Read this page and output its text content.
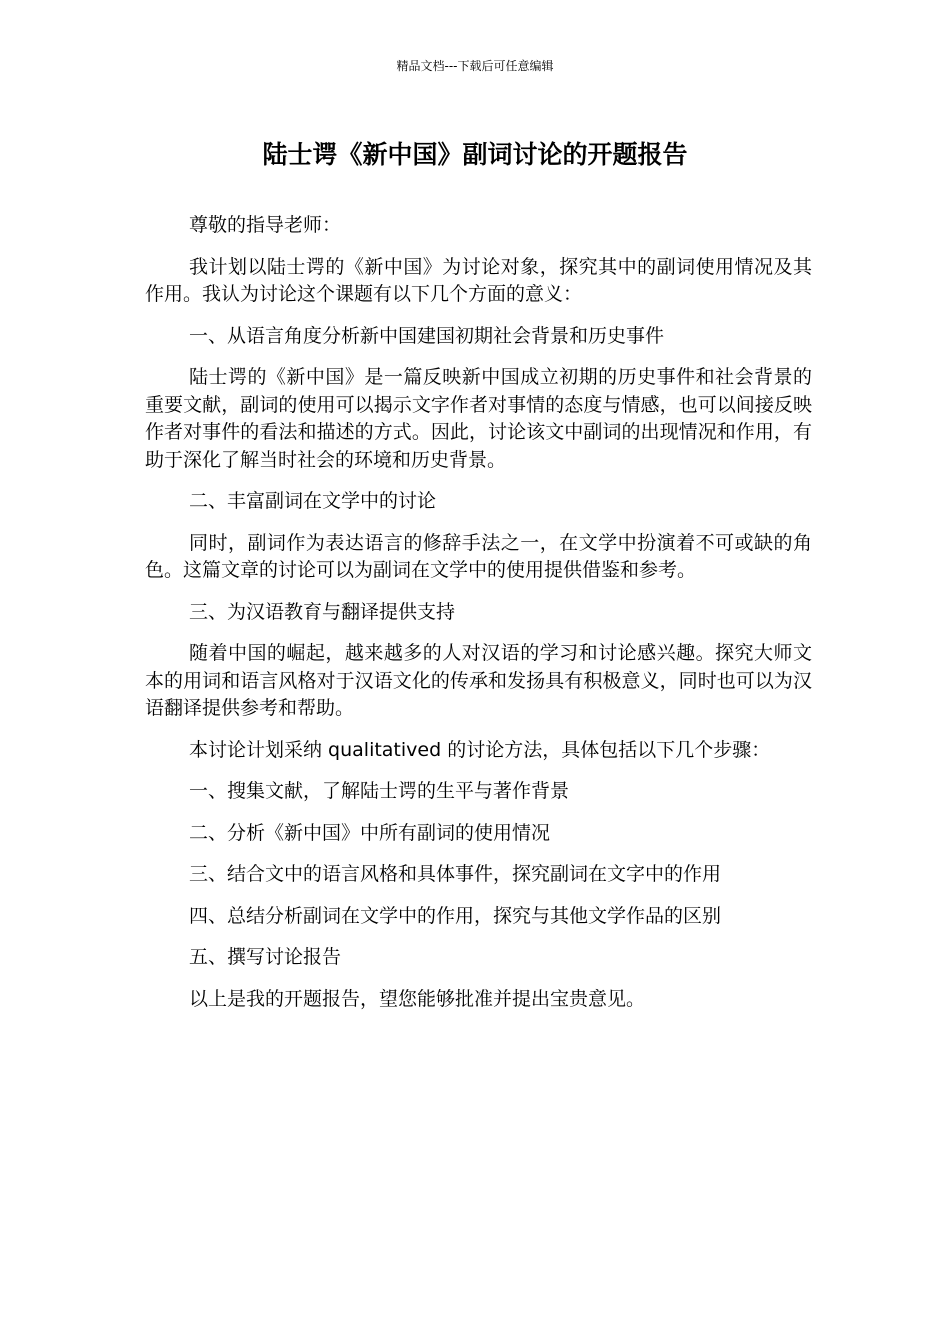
精品文档---下载后可任意编辑
陆士谔《新中国》副词讨论的开题报告

尊敬的指导老师：

我计划以陆士谔的《新中国》为讨论对象，探究其中的副词使用情况及其作用。我认为讨论这个课题有以下几个方面的意义：

一、从语言角度分析新中国建国初期社会背景和历史事件

陆士谔的《新中国》是一篇反映新中国成立初期的历史事件和社会背景的重要文献，副词的使用可以揭示文字作者对事情的态度与情感，也可以间接反映作者对事件的看法和描述的方式。因此，讨论该文中副词的出现情况和作用，有助于深化了解当时社会的环境和历史背景。

二、丰富副词在文学中的讨论

同时，副词作为表达语言的修辞手法之一，在文学中扮演着不可或缺的角色。这篇文章的讨论可以为副词在文学中的使用提供借鉴和参考。

三、为汉语教育与翻译提供支持

随着中国的崛起，越来越多的人对汉语的学习和讨论感兴趣。探究大师文本的用词和语言风格对于汉语文化的传承和发扬具有积极意义，同时也可以为汉语翻译提供参考和帮助。

本讨论计划采纳 qualitatived 的讨论方法，具体包括以下几个步骤：

一、搜集文献，了解陆士谔的生平与著作背景

二、分析《新中国》中所有副词的使用情况

三、结合文中的语言风格和具体事件，探究副词在文字中的作用

四、总结分析副词在文学中的作用，探究与其他文学作品的区别

五、撰写讨论报告

以上是我的开题报告，望您能够批准并提出宝贵意见。
